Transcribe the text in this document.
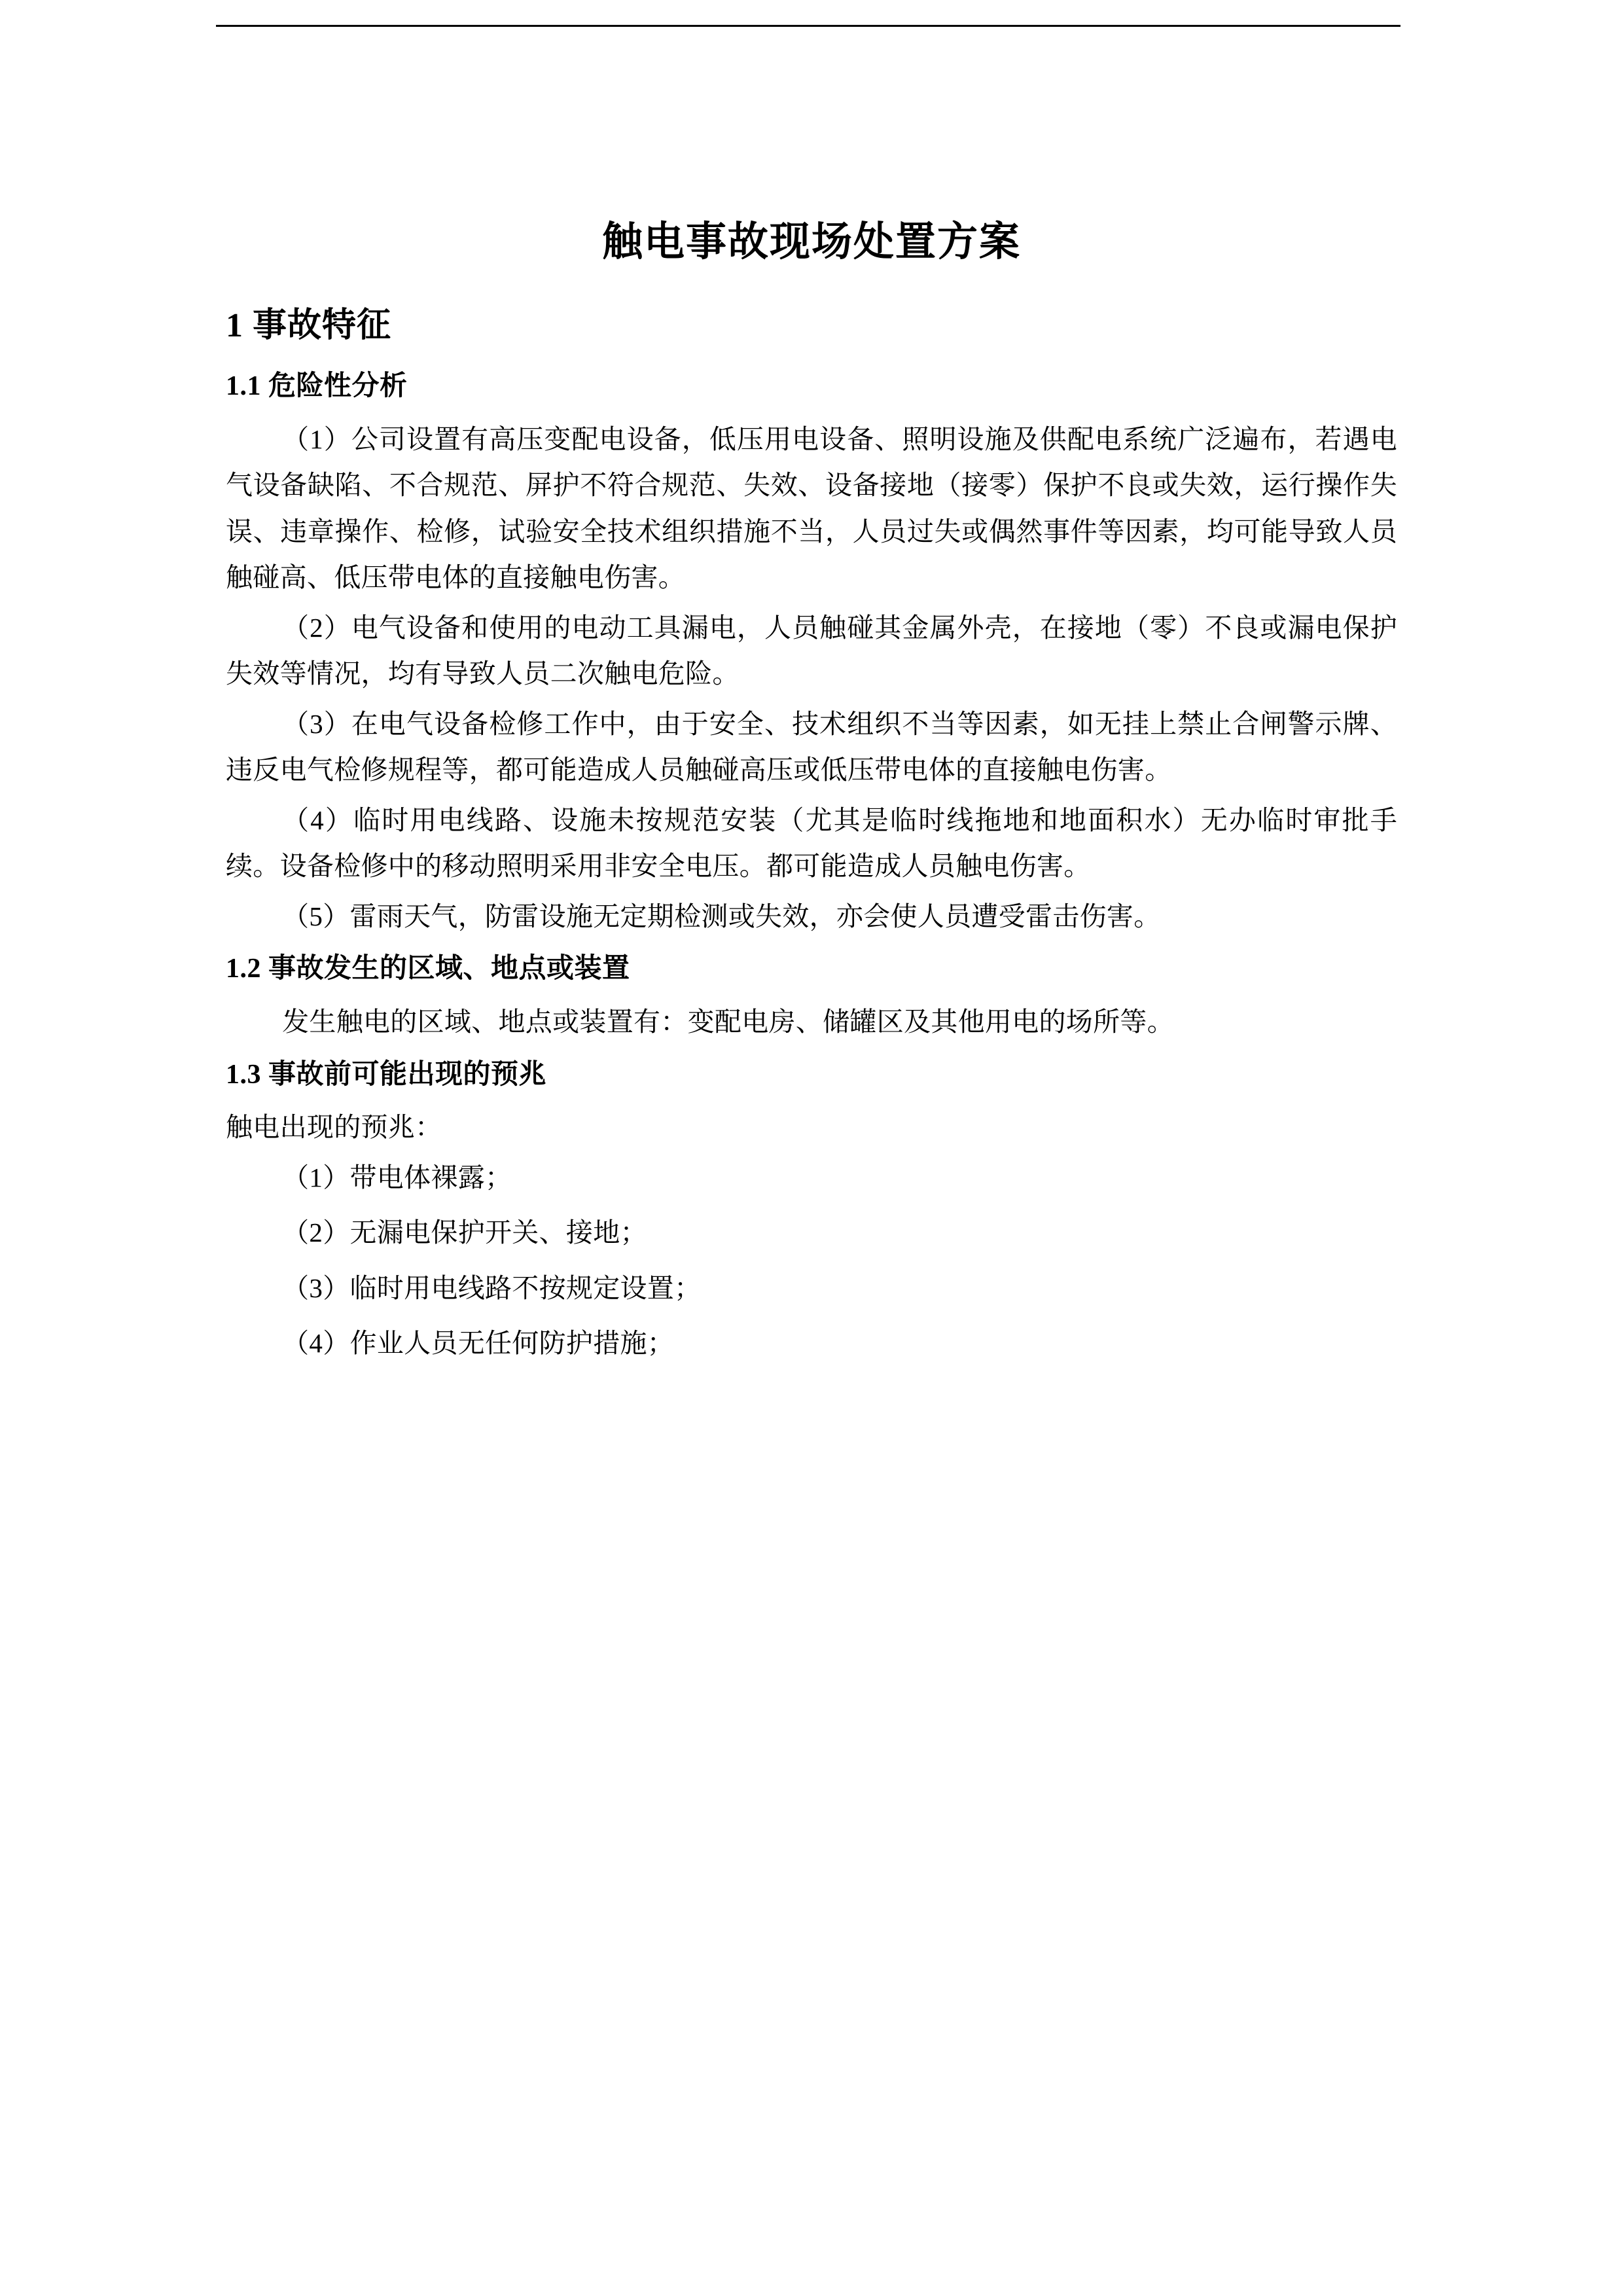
触电事故现场处置方案
1 事故特征
1.1 危险性分析

（1）公司设置有高压变配电设备，低压用电设备、照明设施及供配电系统广泛遍布，若遇电气设备缺陷、不合规范、屏护不符合规范、失效、设备接地（接零）保护不良或失效，运行操作失误、违章操作、检修，试验安全技术组织措施不当，人员过失或偶然事件等因素，均可能导致人员触碰高、低压带电体的直接触电伤害。

（2）电气设备和使用的电动工具漏电，人员触碰其金属外壳，在接地（零）不良或漏电保护失效等情况，均有导致人员二次触电危险。

（3）在电气设备检修工作中，由于安全、技术组织不当等因素，如无挂上禁止合闸警示牌、违反电气检修规程等，都可能造成人员触碰高压或低压带电体的直接触电伤害。

（4）临时用电线路、设施未按规范安装（尤其是临时线拖地和地面积水）无办临时审批手续。设备检修中的移动照明采用非安全电压。都可能造成人员触电伤害。

（5）雷雨天气，防雷设施无定期检测或失效，亦会使人员遭受雷击伤害。

1.2 事故发生的区域、地点或装置

发生触电的区域、地点或装置有：变配电房、储罐区及其他用电的场所等。

1.3 事故前可能出现的预兆

触电出现的预兆：

（1）带电体裸露；

（2）无漏电保护开关、接地；

（3）临时用电线路不按规定设置；

（4）作业人员无任何防护措施；
